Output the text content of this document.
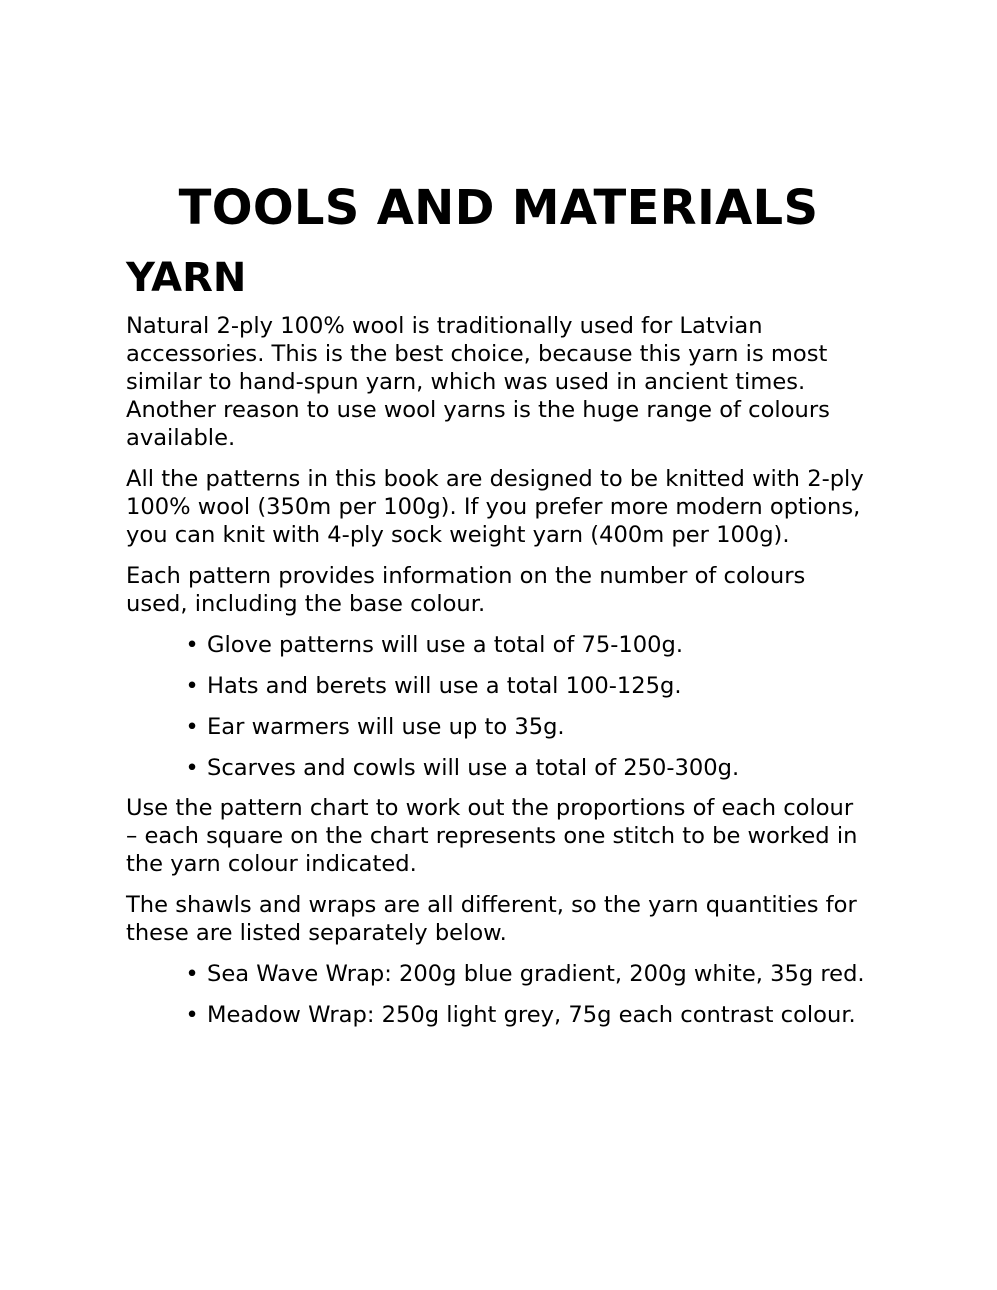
TOOLS AND MATERIALS
YARN

Natural 2-ply 100% wool is traditionally used for Latvian accessories. This is the best choice, because this yarn is most similar to hand-spun yarn, which was used in ancient times. Another reason to use wool yarns is the huge range of colours available.

All the patterns in this book are designed to be knitted with 2-ply 100% wool (350m per 100g). If you prefer more modern options, you can knit with 4-ply sock weight yarn (400m per 100g).

Each pattern provides information on the number of colours used, including the base colour.

• Glove patterns will use a total of 75-100g.
• Hats and berets will use a total 100-125g.
• Ear warmers will use up to 35g.
• Scarves and cowls will use a total of 250-300g.

Use the pattern chart to work out the proportions of each colour – each square on the chart represents one stitch to be worked in the yarn colour indicated.

The shawls and wraps are all different, so the yarn quantities for these are listed separately below.

• Sea Wave Wrap: 200g blue gradient, 200g white, 35g red.
• Meadow Wrap: 250g light grey, 75g each contrast colour.
